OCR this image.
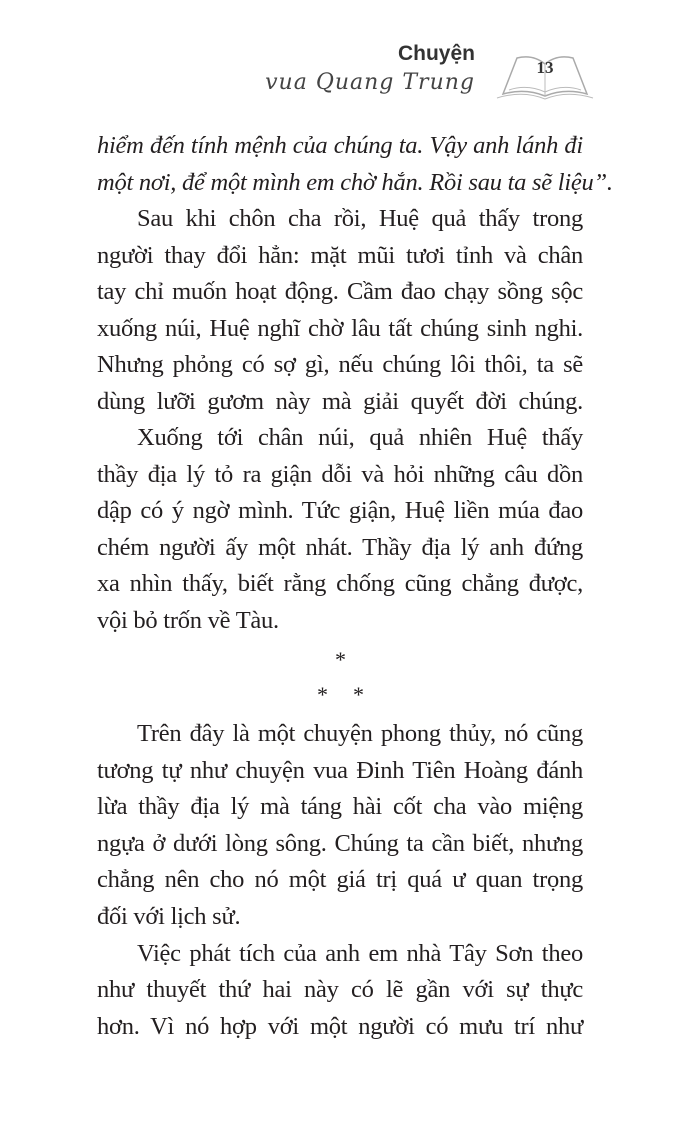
Chuyện
vua Quang Trung
13
hiểm đến tính mệnh của chúng ta. Vậy anh lánh đi
một nơi, để một mình em chờ hắn. Rồi sau ta sẽ liệu”.
Sau khi chôn cha rồi, Huệ quả thấy trong
người thay đổi hẳn: mặt mũi tươi tỉnh và chân
tay chỉ muốn hoạt động. Cầm đao chạy sồng sộc
xuống núi, Huệ nghĩ chờ lâu tất chúng sinh nghi.
Nhưng phỏng có sợ gì, nếu chúng lôi thôi, ta sẽ
dùng lưỡi gươm này mà giải quyết đời chúng.
Xuống tới chân núi, quả nhiên Huệ thấy
thầy địa lý tỏ ra giận dỗi và hỏi những câu dồn
dập có ý ngờ mình. Tức giận, Huệ liền múa đao
chém người ấy một nhát. Thầy địa lý anh đứng
xa nhìn thấy, biết rằng chống cũng chẳng được,
vội bỏ trốn về Tàu.
Trên đây là một chuyện phong thủy, nó cũng
tương tự như chuyện vua Đinh Tiên Hoàng đánh
lừa thầy địa lý mà táng hài cốt cha vào miệng
ngựa ở dưới lòng sông. Chúng ta cần biết, nhưng
chẳng nên cho nó một giá trị quá ư quan trọng
đối với lịch sử.
Việc phát tích của anh em nhà Tây Sơn theo
như thuyết thứ hai này có lẽ gần với sự thực
hơn. Vì nó hợp với một người có mưu trí như
*
* *
